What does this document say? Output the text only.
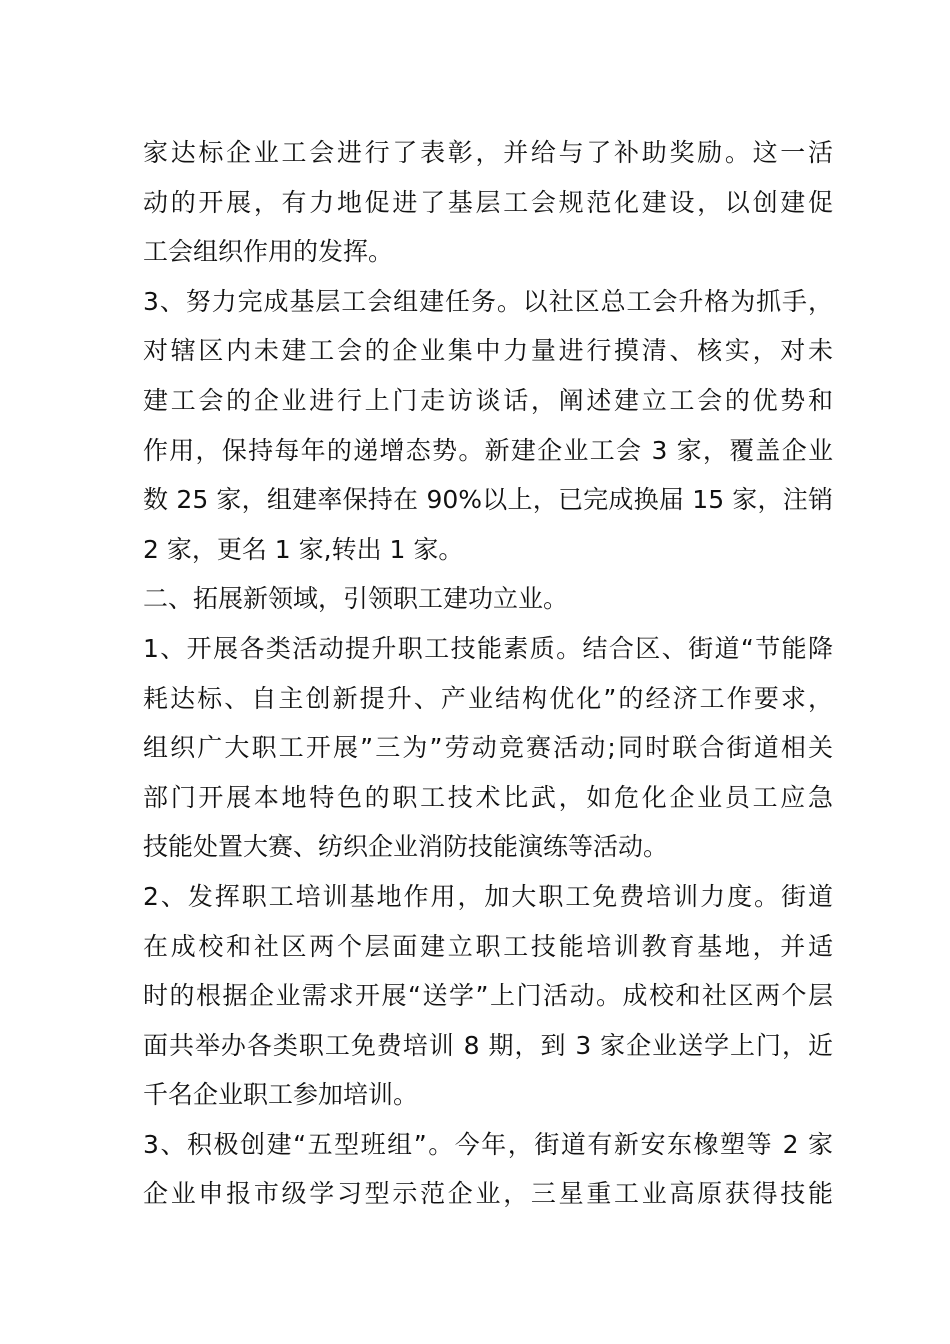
家达标企业工会进行了表彰，并给与了补助奖励。这一活
动的开展，有力地促进了基层工会规范化建设，以创建促
工会组织作用的发挥。
3、努力完成基层工会组建任务。以社区总工会升格为抓手，
对辖区内未建工会的企业集中力量进行摸清、核实，对未
建工会的企业进行上门走访谈话，阐述建立工会的优势和
作用，保持每年的递增态势。新建企业工会 3 家，覆盖企业
数 25 家，组建率保持在 90%以上，已完成换届 15 家，注销
2 家，更名 1 家,转出 1 家。
二、拓展新领域，引领职工建功立业。
1、开展各类活动提升职工技能素质。结合区、街道“节能降
耗达标、自主创新提升、产业结构优化”的经济工作要求，
组织广大职工开展”三为”劳动竞赛活动;同时联合街道相关
部门开展本地特色的职工技术比武，如危化企业员工应急
技能处置大赛、纺织企业消防技能演练等活动。
2、发挥职工培训基地作用，加大职工免费培训力度。街道
在成校和社区两个层面建立职工技能培训教育基地，并适
时的根据企业需求开展“送学”上门活动。成校和社区两个层
面共举办各类职工免费培训 8 期，到 3 家企业送学上门，近
千名企业职工参加培训。
3、积极创建“五型班组”。今年，街道有新安东橡塑等 2 家
企业申报市级学习型示范企业，三星重工业高原获得技能
